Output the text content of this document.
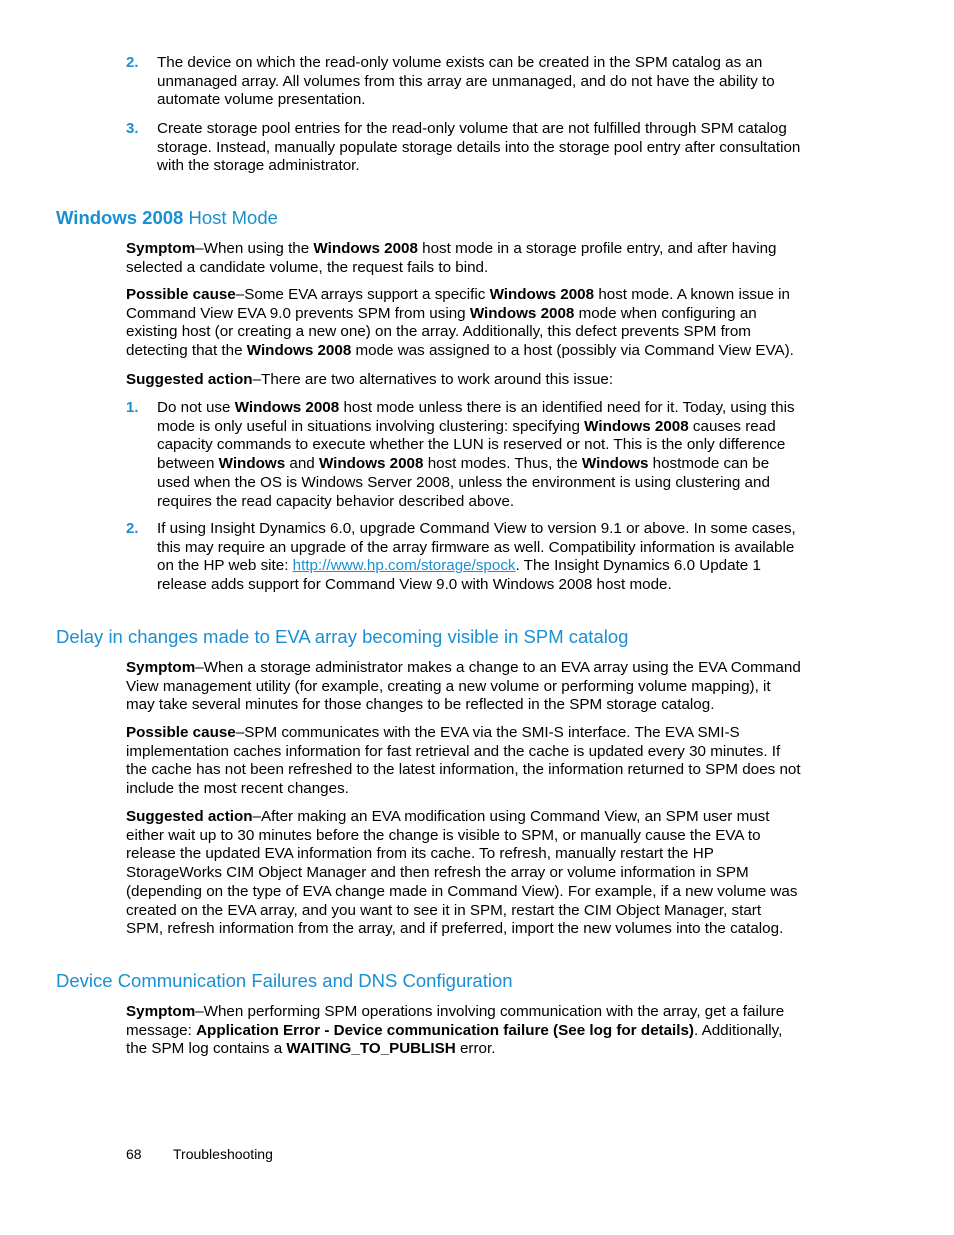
2. The device on which the read-only volume exists can be created in the SPM catalog as an unmanaged array. All volumes from this array are unmanaged, and do not have the ability to automate volume presentation.

3. Create storage pool entries for the read-only volume that are not fulfilled through SPM catalog storage. Instead, manually populate storage details into the storage pool entry after consultation with the storage administrator.

Windows 2008 Host Mode

Symptom–When using the Windows 2008 host mode in a storage profile entry, and after having selected a candidate volume, the request fails to bind.

Possible cause–Some EVA arrays support a specific Windows 2008 host mode. A known issue in Command View EVA 9.0 prevents SPM from using Windows 2008 mode when configuring an existing host (or creating a new one) on the array. Additionally, this defect prevents SPM from detecting that the Windows 2008 mode was assigned to a host (possibly via Command View EVA).

Suggested action–There are two alternatives to work around this issue:

1. Do not use Windows 2008 host mode unless there is an identified need for it. Today, using this mode is only useful in situations involving clustering: specifying Windows 2008 causes read capacity commands to execute whether the LUN is reserved or not. This is the only difference between Windows and Windows 2008 host modes. Thus, the Windows hostmode can be used when the OS is Windows Server 2008, unless the environment is using clustering and requires the read capacity behavior described above.

2. If using Insight Dynamics 6.0, upgrade Command View to version 9.1 or above. In some cases, this may require an upgrade of the array firmware as well. Compatibility information is available on the HP web site: http://www.hp.com/storage/spock. The Insight Dynamics 6.0 Update 1 release adds support for Command View 9.0 with Windows 2008 host mode.

Delay in changes made to EVA array becoming visible in SPM catalog

Symptom–When a storage administrator makes a change to an EVA array using the EVA Command View management utility (for example, creating a new volume or performing volume mapping), it may take several minutes for those changes to be reflected in the SPM storage catalog.

Possible cause–SPM communicates with the EVA via the SMI-S interface. The EVA SMI-S implementation caches information for fast retrieval and the cache is updated every 30 minutes. If the cache has not been refreshed to the latest information, the information returned to SPM does not include the most recent changes.

Suggested action–After making an EVA modification using Command View, an SPM user must either wait up to 30 minutes before the change is visible to SPM, or manually cause the EVA to release the updated EVA information from its cache. To refresh, manually restart the HP StorageWorks CIM Object Manager and then refresh the array or volume information in SPM (depending on the type of EVA change made in Command View). For example, if a new volume was created on the EVA array, and you want to see it in SPM, restart the CIM Object Manager, start SPM, refresh information from the array, and if preferred, import the new volumes into the catalog.

Device Communication Failures and DNS Configuration

Symptom–When performing SPM operations involving communication with the array, get a failure message: Application Error - Device communication failure (See log for details). Additionally, the SPM log contains a WAITING_TO_PUBLISH error.

68 Troubleshooting
